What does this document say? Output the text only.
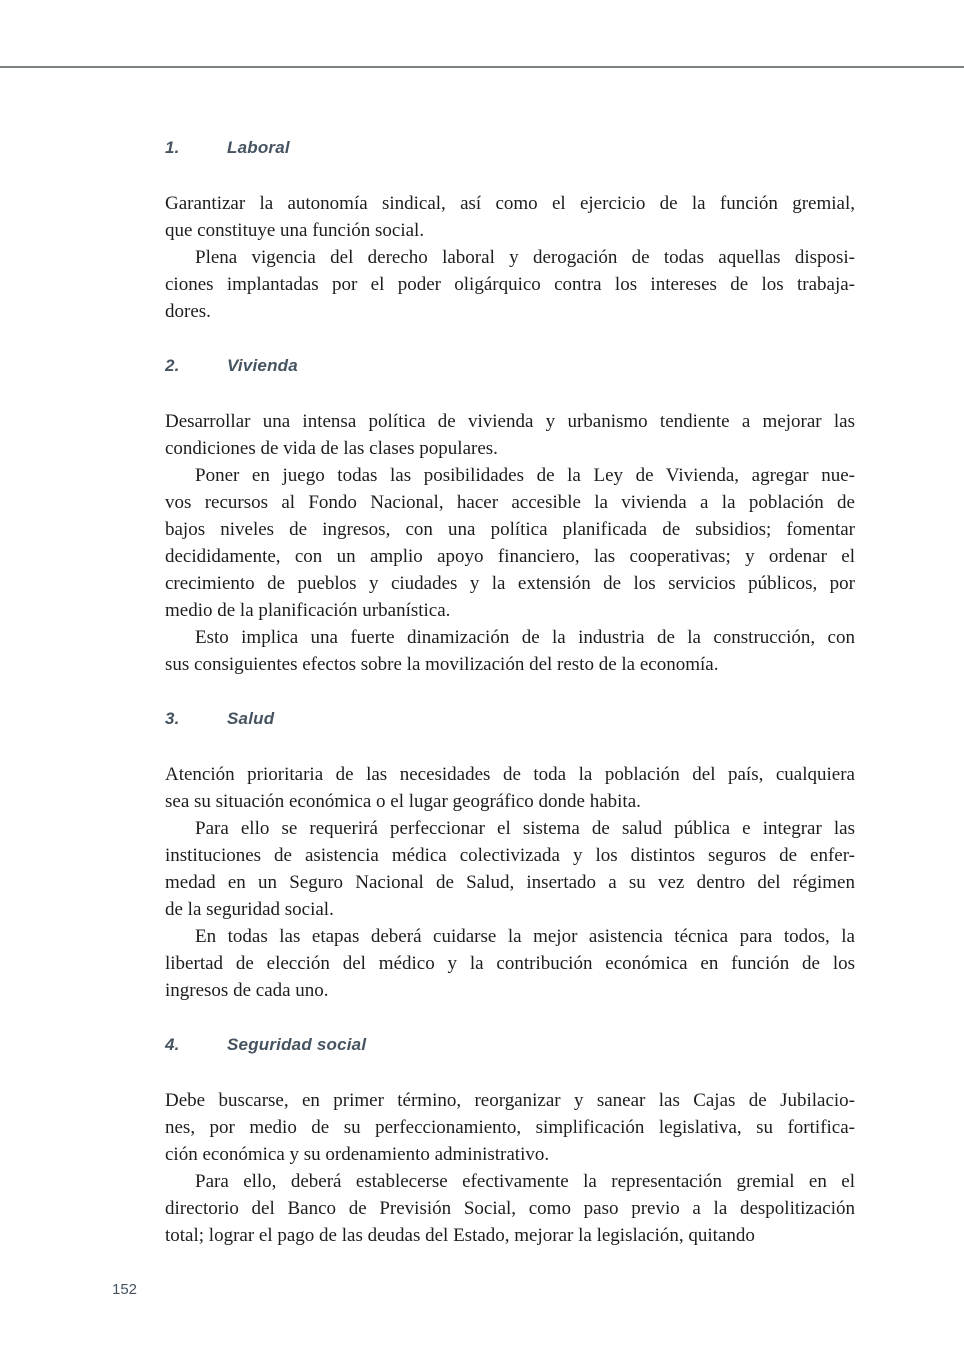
1.	Laboral

Garantizar la autonomía sindical, así como el ejercicio de la función gremial,
que constituye una función social.

Plena vigencia del derecho laboral y derogación de todas aquellas disposi-
ciones implantadas por el poder oligárquico contra los intereses de los trabaja-
dores.

2.	Vivienda

Desarrollar una intensa política de vivienda y urbanismo tendiente a mejorar las
condiciones de vida de las clases populares.

Poner en juego todas las posibilidades de la Ley de Vivienda, agregar nue-
vos recursos al Fondo Nacional, hacer accesible la vivienda a la población de
bajos niveles de ingresos, con una política planificada de subsidios; fomentar
decididamente, con un amplio apoyo financiero, las cooperativas; y ordenar el
crecimiento de pueblos y ciudades y la extensión de los servicios públicos, por
medio de la planificación urbanística.

Esto implica una fuerte dinamización de la industria de la construcción, con
sus consiguientes efectos sobre la movilización del resto de la economía.

3.	Salud

Atención prioritaria de las necesidades de toda la población del país, cualquiera
sea su situación económica o el lugar geográfico donde habita.

Para ello se requerirá perfeccionar el sistema de salud pública e integrar las
instituciones de asistencia médica colectivizada y los distintos seguros de enfer-
medad en un Seguro Nacional de Salud, insertado a su vez dentro del régimen
de la seguridad social.

En todas las etapas deberá cuidarse la mejor asistencia técnica para todos, la
libertad de elección del médico y la contribución económica en función de los
ingresos de cada uno.

4.	Seguridad social

Debe buscarse, en primer término, reorganizar y sanear las Cajas de Jubilacio-
nes, por medio de su perfeccionamiento, simplificación legislativa, su fortifica-
ción económica y su ordenamiento administrativo.

Para ello, deberá establecerse efectivamente la representación gremial en el
directorio del Banco de Previsión Social, como paso previo a la despolitización
total; lograr el pago de las deudas del Estado, mejorar la legislación, quitando

152
